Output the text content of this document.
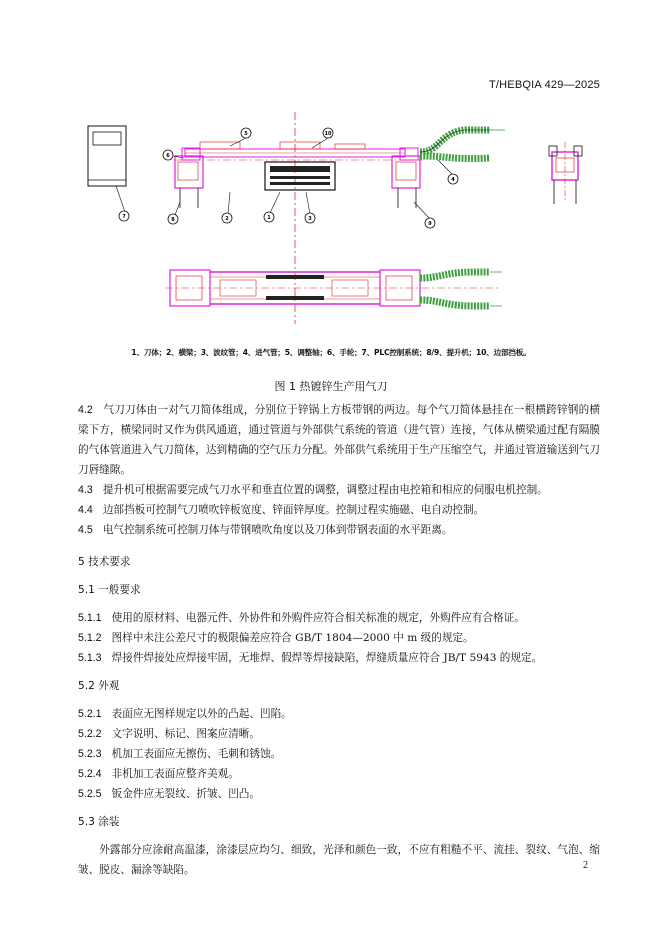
T/HEBQIA 429—2025
5	10
6
4
7	8	2	1	3
9
1、刀体；2、横梁；3、波纹管；4、进气管；5、调整轴；6、手轮；7、PLC控制系统；8/9、提升机；10、边部挡板。
图 1 热镀锌生产用气刀

4.2 气刀刀体由一对气刀简体组成，分别位于锌锅上方板带钢的两边。每个气刀简体悬挂在一根横跨锌钢的横梁下方，横梁同时又作为供风通道，通过管道与外部供气系统的管道（进气管）连接，气体从横梁通过配有隔膜的气体管道进入气刀简体，达到精确的空气压力分配。外部供气系统用于生产压缩空气，并通过管道输送到气刀刀唇缝隙。

4.3 提升机可根据需要完成气刀水平和垂直位置的调整，调整过程由电控箱和相应的伺服电机控制。

4.4 边部挡板可控制气刀喷吹锌板宽度、锌面锌厚度。控制过程实施磁、电自动控制。

4.5 电气控制系统可控制刀体与带钢喷吹角度以及刀体到带钢表面的水平距离。

5 技术要求

5.1 一般要求

5.1.1 使用的原材料、电器元件、外协件和外购件应符合相关标准的规定，外购件应有合格证。

5.1.2 图样中未注公差尺寸的极限偏差应符合 GB/T 1804—2000 中 m 级的规定。

5.1.3 焊接件焊接处应焊接牢固，无堆焊、假焊等焊接缺陷，焊缝质量应符合 JB/T 5943 的规定。

5.2 外观

5.2.1 表面应无图样规定以外的凸起、凹陷。

5.2.2 文字说明、标记、图案应清晰。

5.2.3 机加工表面应无擦伤、毛刺和锈蚀。

5.2.4 非机加工表面应整齐美观。

5.2.5 钣金件应无裂纹、折皱、凹凸。

5.3 涂装

外露部分应涂耐高温漆，涂漆层应均匀、细致，光泽和颜色一致，不应有粗糙不平、流挂、裂纹、气泡、缩皱、脱皮、漏涂等缺陷。	2
